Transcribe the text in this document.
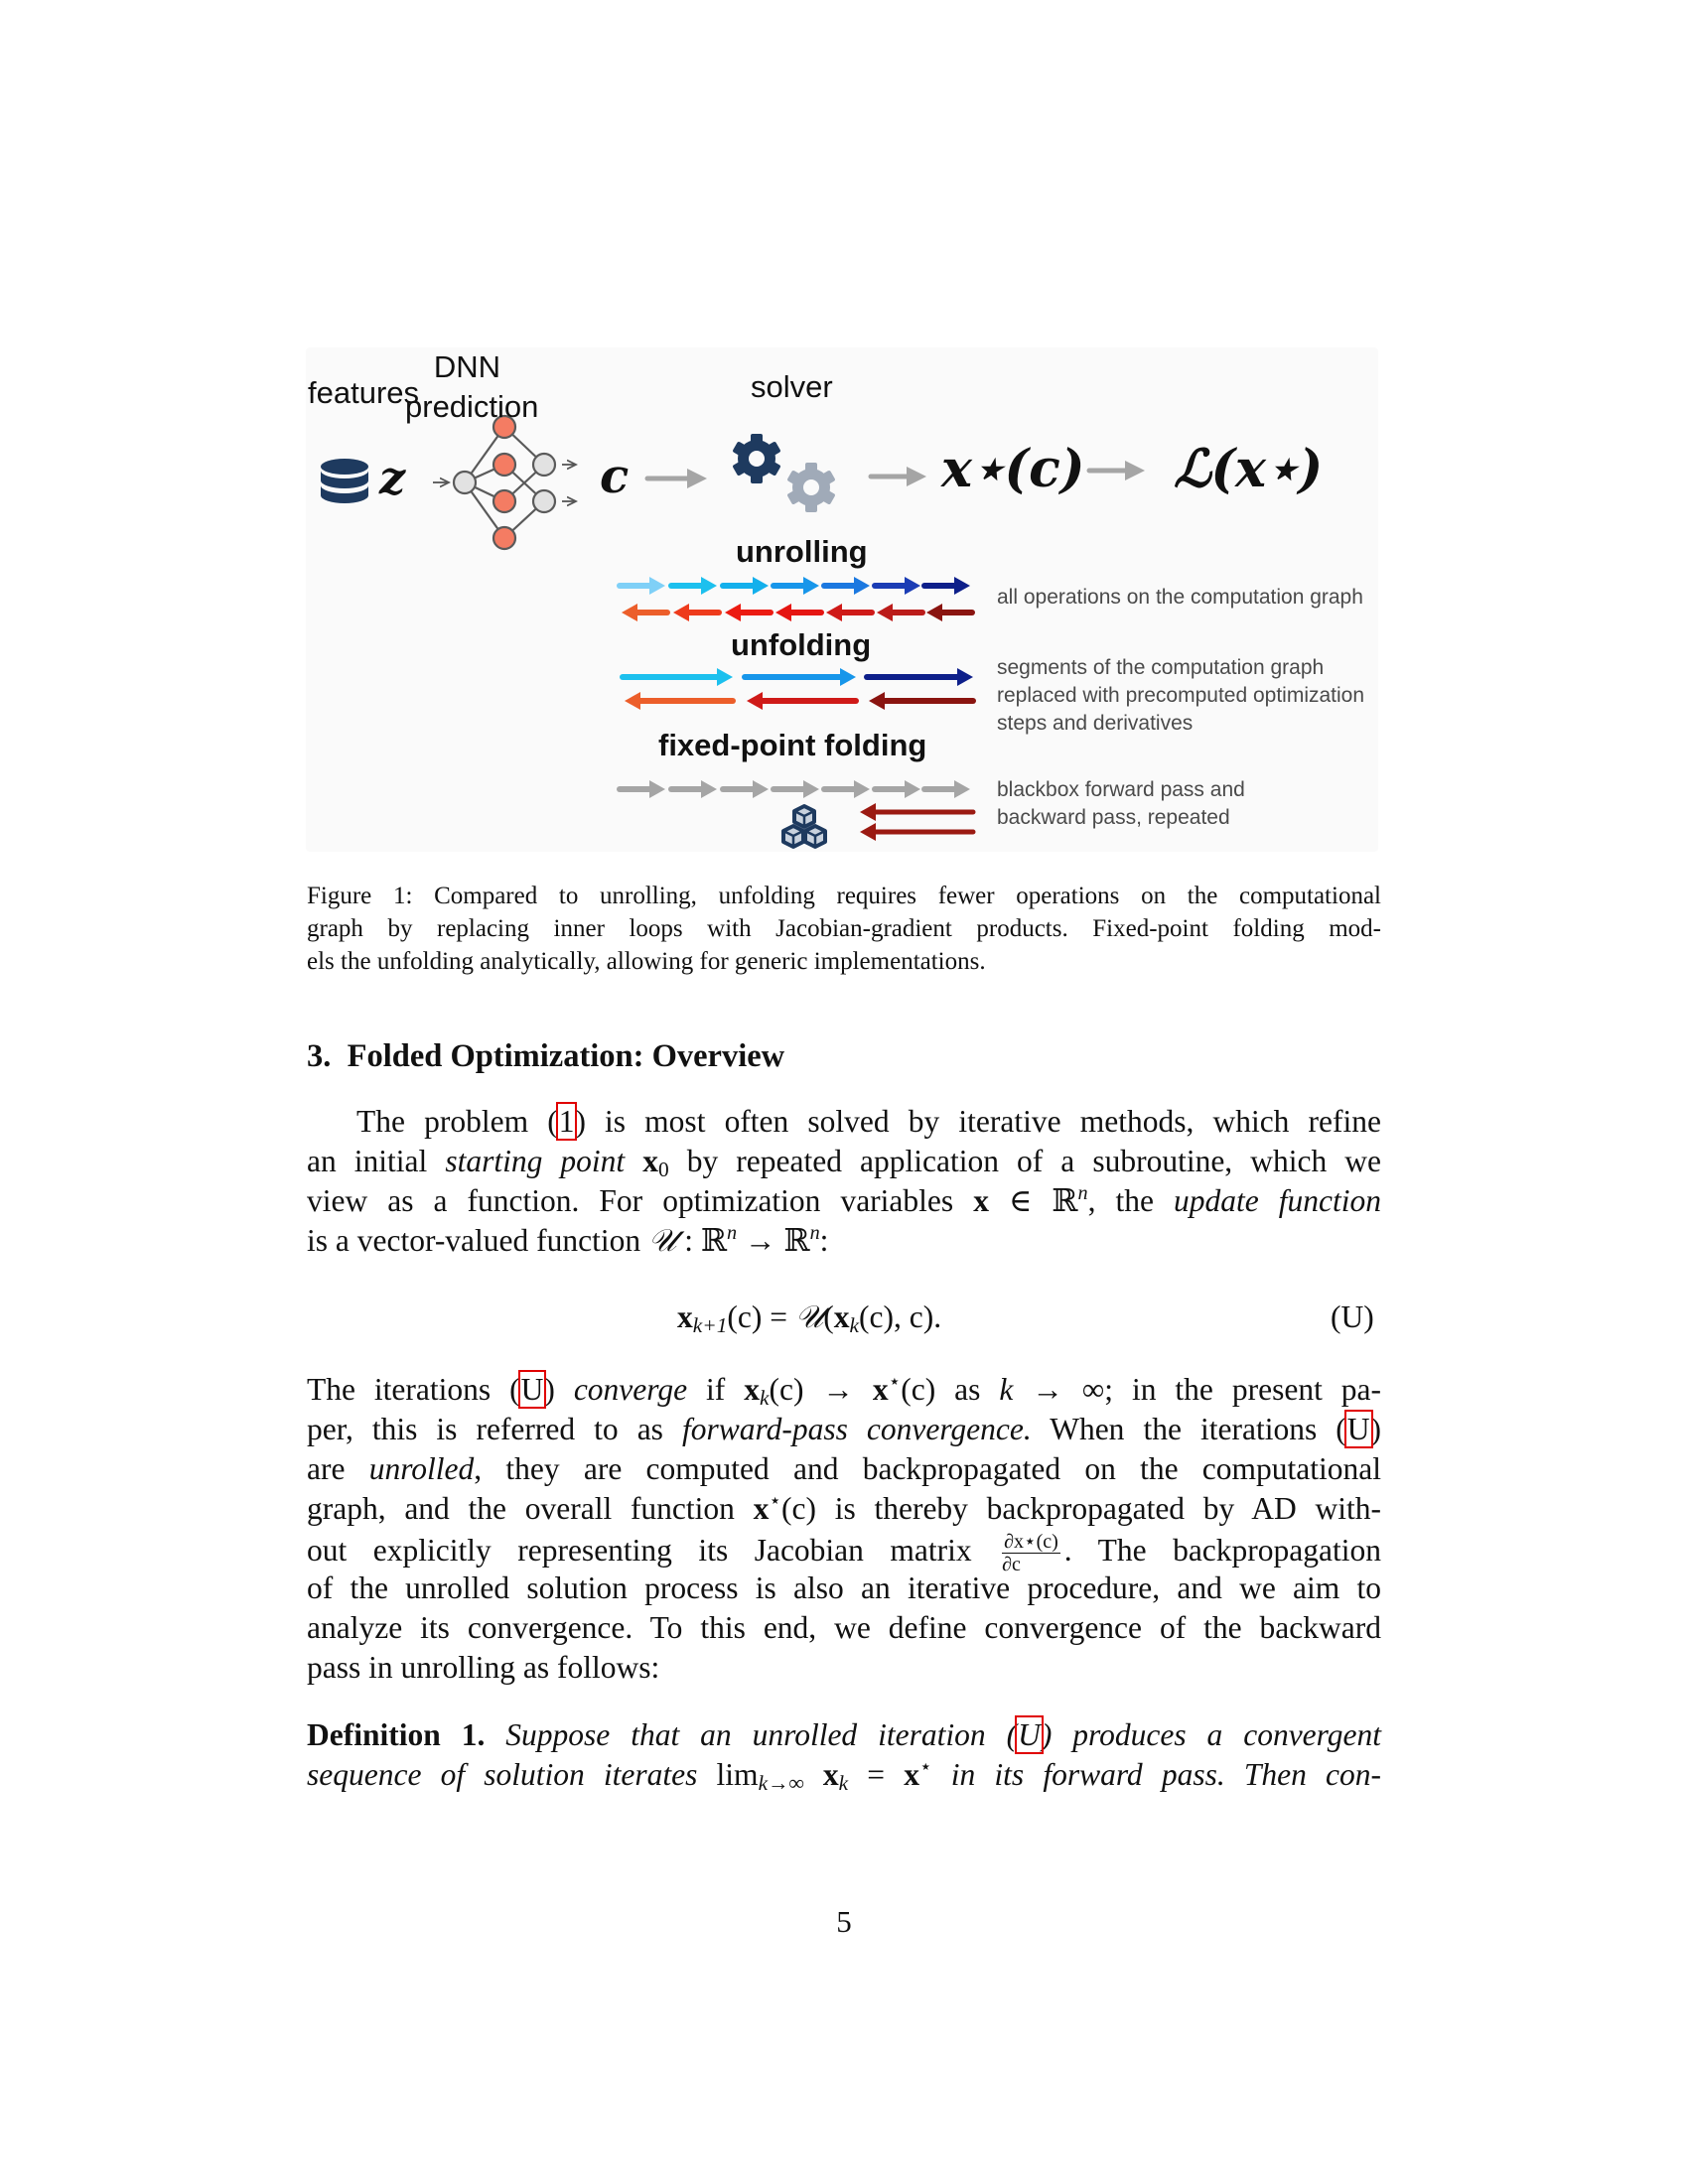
features
DNN
prediction
solver
z	c	x⋆(c) ℒ(x⋆)
unrolling
unfolding
fixed-point folding
all operations on the computation graph
segments of the computation graph
replaced with precomputed optimization
steps and derivatives
blackbox forward pass and
backward pass, repeated
Figure 1: Compared to unrolling, unfolding requires fewer operations on the computational
graph by replacing inner loops with Jacobian-gradient products. Fixed-point folding mod-
els the unfolding analytically, allowing for generic implementations.
3. Folded Optimization: Overview
The problem (1) is most often solved by iterative methods, which refine
an initial starting point $x_0$ by repeated application of a subroutine, which we
view as a function. For optimization variables x ∈ ℝ$^n$, the update function
is a vector-valued function 𝒰 : ℝ$^n$ → ℝ$^n$:
$x_{k+1}(c)$ = $𝒰(x_k(c)$, c).	(U)
The iterations (U) converge if $x_k(c) \to x^⋆(c)$ as k → ∞; in the present pa-
per, this is referred to as forward-pass convergence. When the iterations (U)
are unrolled, they are computed and backpropagated on the computational
graph, and the overall function x⋆(c) is thereby backpropagated by AD with-
out explicitly representing its Jacobian matrix $\frac{\partial x⋆(c)}{\partial c}$ . The backpropagation
of the unrolled solution process is also an iterative procedure, and we aim to
analyze its convergence. To this end, we define convergence of the backward
pass in unrolling as follows:
Definition 1. Suppose that an unrolled iteration (U) produces a convergent
sequence of solution iterates $\lim_{k\to\infty} x_k = x^⋆$ in its forward pass. Then con-
5
